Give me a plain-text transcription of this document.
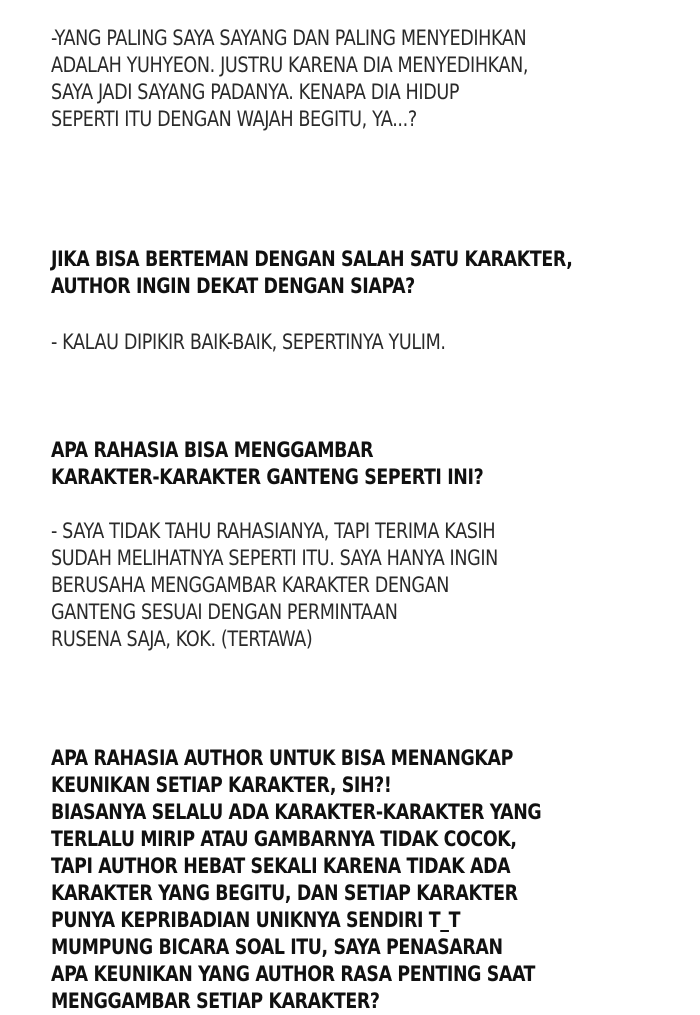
-YANG PALING SAYA SAYANG DAN PALING MENYEDIHKAN
ADALAH YUHYEON. JUSTRU KARENA DIA MENYEDIHKAN,
SAYA JADI SAYANG PADANYA. KENAPA DIA HIDUP
SEPERTI ITU DENGAN WAJAH BEGITU, YA...?
JIKA BISA BERTEMAN DENGAN SALAH SATU KARAKTER,
AUTHOR INGIN DEKAT DENGAN SIAPA?
- KALAU DIPIKIR BAIK-BAIK, SEPERTINYA YULIM.
APA RAHASIA BISA MENGGAMBAR
KARAKTER-KARAKTER GANTENG SEPERTI INI?
- SAYA TIDAK TAHU RAHASIANYA, TAPI TERIMA KASIH
SUDAH MELIHATNYA SEPERTI ITU. SAYA HANYA INGIN
BERUSAHA MENGGAMBAR KARAKTER DENGAN
GANTENG SESUAI DENGAN PERMINTAAN
RUSENA SAJA, KOK. (TERTAWA)
APA RAHASIA AUTHOR UNTUK BISA MENANGKAP
KEUNIKAN SETIAP KARAKTER, SIH?!
BIASANYA SELALU ADA KARAKTER-KARAKTER YANG
TERLALU MIRIP ATAU GAMBARNYA TIDAK COCOK,
TAPI AUTHOR HEBAT SEKALI KARENA TIDAK ADA
KARAKTER YANG BEGITU, DAN SETIAP KARAKTER
PUNYA KEPRIBADIAN UNIKNYA SENDIRI T_T
MUMPUNG BICARA SOAL ITU, SAYA PENASARAN
APA KEUNIKAN YANG AUTHOR RASA PENTING SAAT
MENGGAMBAR SETIAP KARAKTER?
